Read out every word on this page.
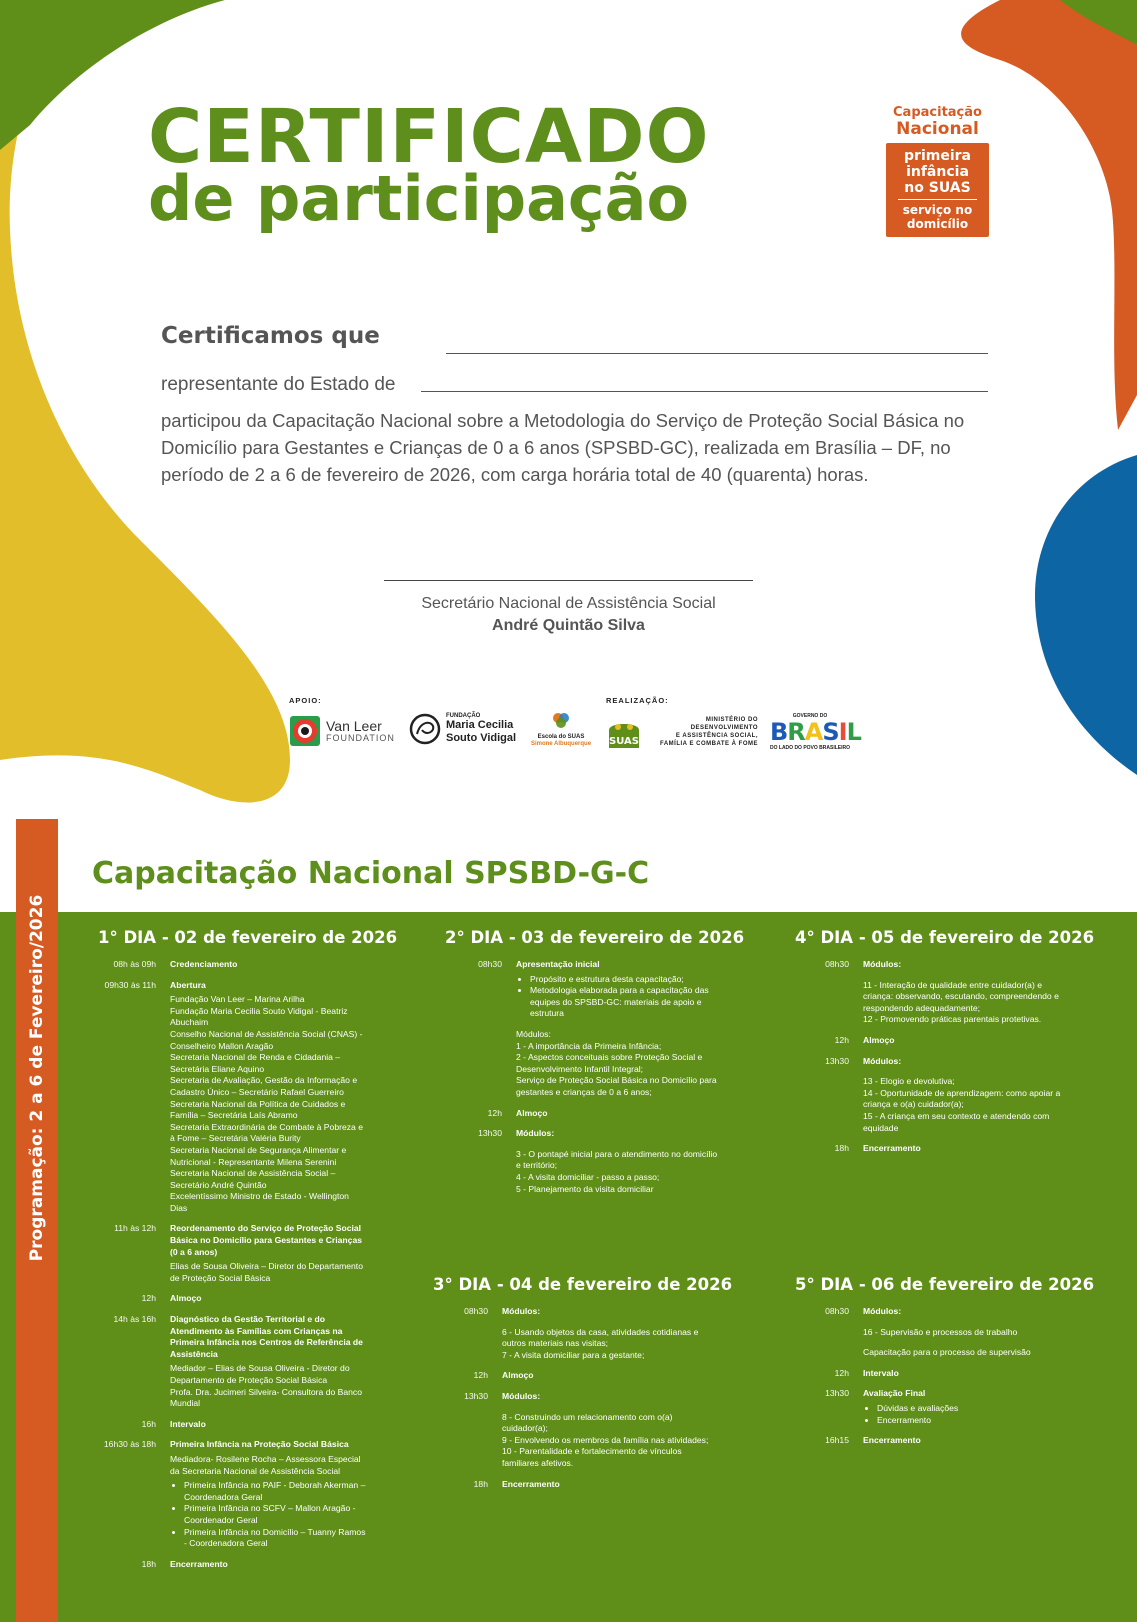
CERTIFICADO
de participação
Capacitação
Nacional
primeira
infância
no SUAS
serviço no
domicílio
Certificamos que
representante do Estado de
participou da Capacitação Nacional sobre a Metodologia do Serviço de Proteção Social Básica no Domicílio para Gestantes e Crianças de 0 a 6 anos (SPSBD-GC), realizada em Brasília – DF, no período de 2 a 6 de fevereiro de 2026, com carga horária total de 40 (quarenta) horas.
Secretário Nacional de Assistência Social
André Quintão Silva
APOIO:	REALIZAÇÃO:
Van Leer
FOUNDATION
FUNDAÇÃO
Maria Cecilia
Souto Vidigal	Escola do SUAS
Simone Albuquerque	SUAS
MINISTÉRIO DO
DESENVOLVIMENTO
E ASSISTÊNCIA SOCIAL,
FAMÍLIA E COMBATE À FOME
GOVERNO DO
BRASIL
DO LADO DO POVO BRASILEIRO
Programação: 2 a 6 de Fevereiro/2026
Capacitação Nacional SPSBD-G-C
1° DIA - 02 de fevereiro de 2026
08h às 09h Credenciamento
09h30 às 11h Abertura
Fundação Van Leer – Marina Arilha
Fundação Maria Cecilia Souto Vidigal - Beatriz Abuchaim
Conselho Nacional de Assistência Social (CNAS) - Conselheiro Mallon Aragão
Secretaria Nacional de Renda e Cidadania – Secretária Eliane Aquino
Secretaria de Avaliação, Gestão da Informação e Cadastro Único – Secretário Rafael Guerreiro
Secretaria Nacional da Política de Cuidados e Família – Secretária Laís Abramo
Secretaria Extraordinária de Combate à Pobreza e à Fome – Secretária Valéria Burity
Secretaria Nacional de Segurança Alimentar e Nutricional - Representante Milena Serenini
Secretaria Nacional de Assistência Social – Secretário André Quintão
Excelentíssimo Ministro de Estado - Wellington Dias
11h às 12h Reordenamento do Serviço de Proteção Social Básica no Domicílio para Gestantes e Crianças (0 a 6 anos)
Elias de Sousa Oliveira – Diretor do Departamento de Proteção Social Básica
12h Almoço
14h às 16h Diagnóstico da Gestão Territorial e do Atendimento às Famílias com Crianças na Primeira Infância nos Centros de Referência de Assistência
Mediador – Elias de Sousa Oliveira - Diretor do Departamento de Proteção Social Básica
Profa. Dra. Jucimeri Silveira- Consultora do Banco Mundial
16h Intervalo
16h30 às 18h Primeira Infância na Proteção Social Básica
Mediadora- Rosilene Rocha – Assessora Especial da Secretaria Nacional de Assistência Social
• Primeira Infância no PAIF - Deborah Akerman – Coordenadora Geral
• Primeira Infância no SCFV – Mallon Aragão - Coordenador Geral
• Primeira Infância no Domicílio – Tuanny Ramos - Coordenadora Geral
18h Encerramento
2° DIA - 03 de fevereiro de 2026
08h30 Apresentação inicial
• Propósito e estrutura desta capacitação;
• Metodologia elaborada para a capacitação das equipes do SPSBD-GC: materiais de apoio e estrutura
Módulos:
1 - A importância da Primeira Infância;
2 - Aspectos conceituais sobre Proteção Social e Desenvolvimento Infantil Integral;
Serviço de Proteção Social Básica no Domicílio para gestantes e crianças de 0 a 6 anos;
12h Almoço
13h30 Módulos:
3 - O pontapé inicial para o atendimento no domicílio e território;
4 - A visita domiciliar - passo a passo;
5 - Planejamento da visita domiciliar
3° DIA - 04 de fevereiro de 2026
08h30 Módulos:
6 - Usando objetos da casa, atividades cotidianas e outros materiais nas visitas;
7 - A visita domiciliar para a gestante;
12h Almoço
13h30 Módulos:
8 - Construindo um relacionamento com o(a) cuidador(a);
9 - Envolvendo os membros da família nas atividades;
10 - Parentalidade e fortalecimento de vínculos familiares afetivos.
18h Encerramento
4° DIA - 05 de fevereiro de 2026
08h30 Módulos:
11 - Interação de qualidade entre cuidador(a) e criança: observando, escutando, compreendendo e respondendo adequadamente;
12 - Promovendo práticas parentais protetivas.
12h Almoço
13h30 Módulos:
13 - Elogio e devolutiva;
14 - Oportunidade de aprendizagem: como apoiar a criança e o(a) cuidador(a);
15 - A criança em seu contexto e atendendo com equidade
18h Encerramento
5° DIA - 06 de fevereiro de 2026
08h30 Módulos:
16 - Supervisão e processos de trabalho
Capacitação para o processo de supervisão
12h Intervalo
13h30 Avaliação Final
• Dúvidas e avaliações
• Encerramento
16h15 Encerramento
